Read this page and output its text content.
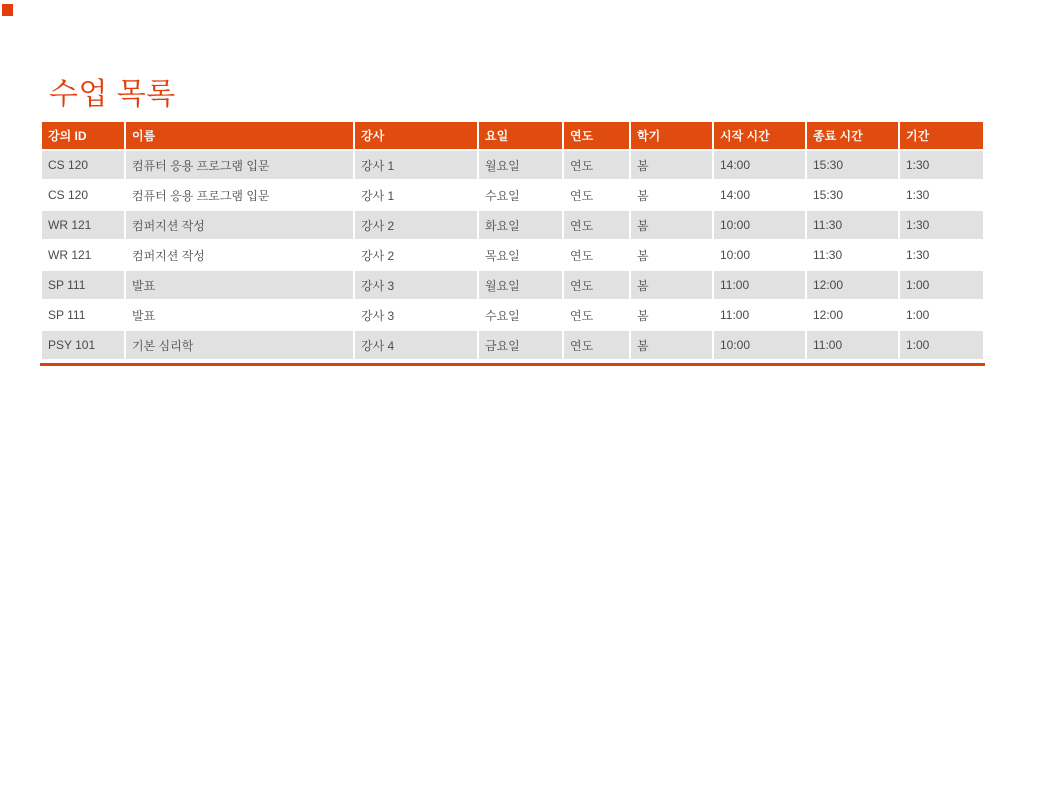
수업 목록
강의 ID	이름	강사	요일	연도	학기	시작 시간	종료 시간	기간
CS 120	컴퓨터 응용 프로그램 입문	강사 1	월요일	연도	봄	14:00	15:30	1:30
CS 120	컴퓨터 응용 프로그램 입문	강사 1	수요일	연도	봄	14:00	15:30	1:30
WR 121	컴퍼지션 작성	강사 2	화요일	연도	봄	10:00	11:30	1:30
WR 121	컴퍼지션 작성	강사 2	목요일	연도	봄	10:00	11:30	1:30
SP 111	발표	강사 3	월요일	연도	봄	11:00	12:00	1:00
SP 111	발표	강사 3	수요일	연도	봄	11:00	12:00	1:00
PSY 101	기본 심리학	강사 4	금요일	연도	봄	10:00	11:00	1:00
